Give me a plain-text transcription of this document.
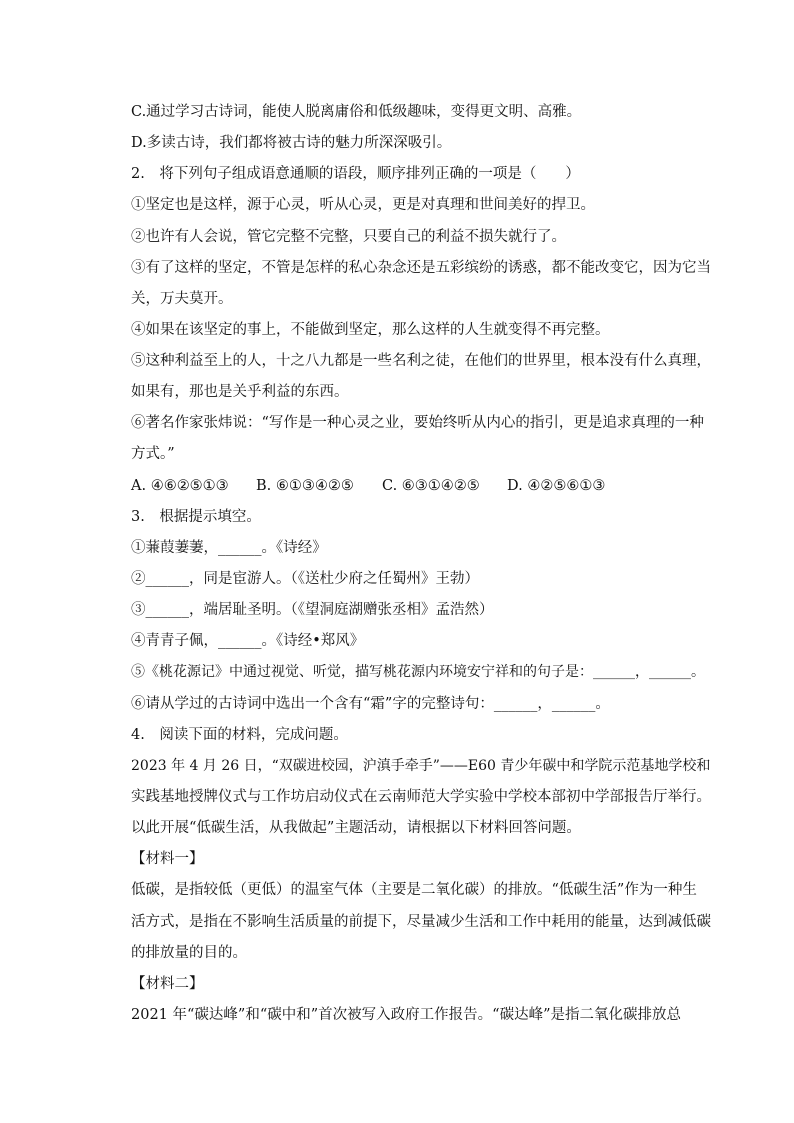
C.通过学习古诗词，能使人脱离庸俗和低级趣味，变得更文明、高雅。
D.多读古诗，我们都将被古诗的魅力所深深吸引。
2.　将下列句子组成语意通顺的语段，顺序排列正确的一项是（　　）
①坚定也是这样，源于心灵，听从心灵，更是对真理和世间美好的捍卫。
②也许有人会说，管它完整不完整，只要自己的利益不损失就行了。
③有了这样的坚定，不管是怎样的私心杂念还是五彩缤纷的诱惑，都不能改变它，因为它当
关，万夫莫开。
④如果在该坚定的事上，不能做到坚定，那么这样的人生就变得不再完整。
⑤这种利益至上的人，十之八九都是一些名利之徒，在他们的世界里，根本没有什么真理，
如果有，那也是关乎利益的东西。
⑥著名作家张炜说：“写作是一种心灵之业，要始终听从内心的指引，更是追求真理的一种
方式。”
A. ④⑥②⑤①③ B. ⑥①③④②⑤ C. ⑥③①④②⑤ D. ④②⑤⑥①③
3.　根据提示填空。
①蒹葭萋萋，______。《诗经》
②______，同是宦游人。（《送杜少府之任蜀州》王勃）
③______，端居耻圣明。（《望洞庭湖赠张丞相》孟浩然）
④青青子佩，______。《诗经•郑风》
⑤《桃花源记》中通过视觉、听觉，描写桃花源内环境安宁祥和的句子是：______，______。
⑥请从学过的古诗词中选出一个含有“霜”字的完整诗句：______，______。
4.　阅读下面的材料，完成问题。
2023 年 4 月 26 日，“双碳进校园，沪滇手牵手”——E60 青少年碳中和学院示范基地学校和
实践基地授牌仪式与工作坊启动仪式在云南师范大学实验中学校本部初中学部报告厅举行。
以此开展“低碳生活，从我做起”主题活动，请根据以下材料回答问题。
【材料一】
低碳，是指较低（更低）的温室气体（主要是二氧化碳）的排放。“低碳生活”作为一种生
活方式，是指在不影响生活质量的前提下，尽量减少生活和工作中耗用的能量，达到减低碳
的排放量的目的。
【材料二】
2021 年“碳达峰”和“碳中和”首次被写入政府工作报告。“碳达峰”是指二氧化碳排放总
